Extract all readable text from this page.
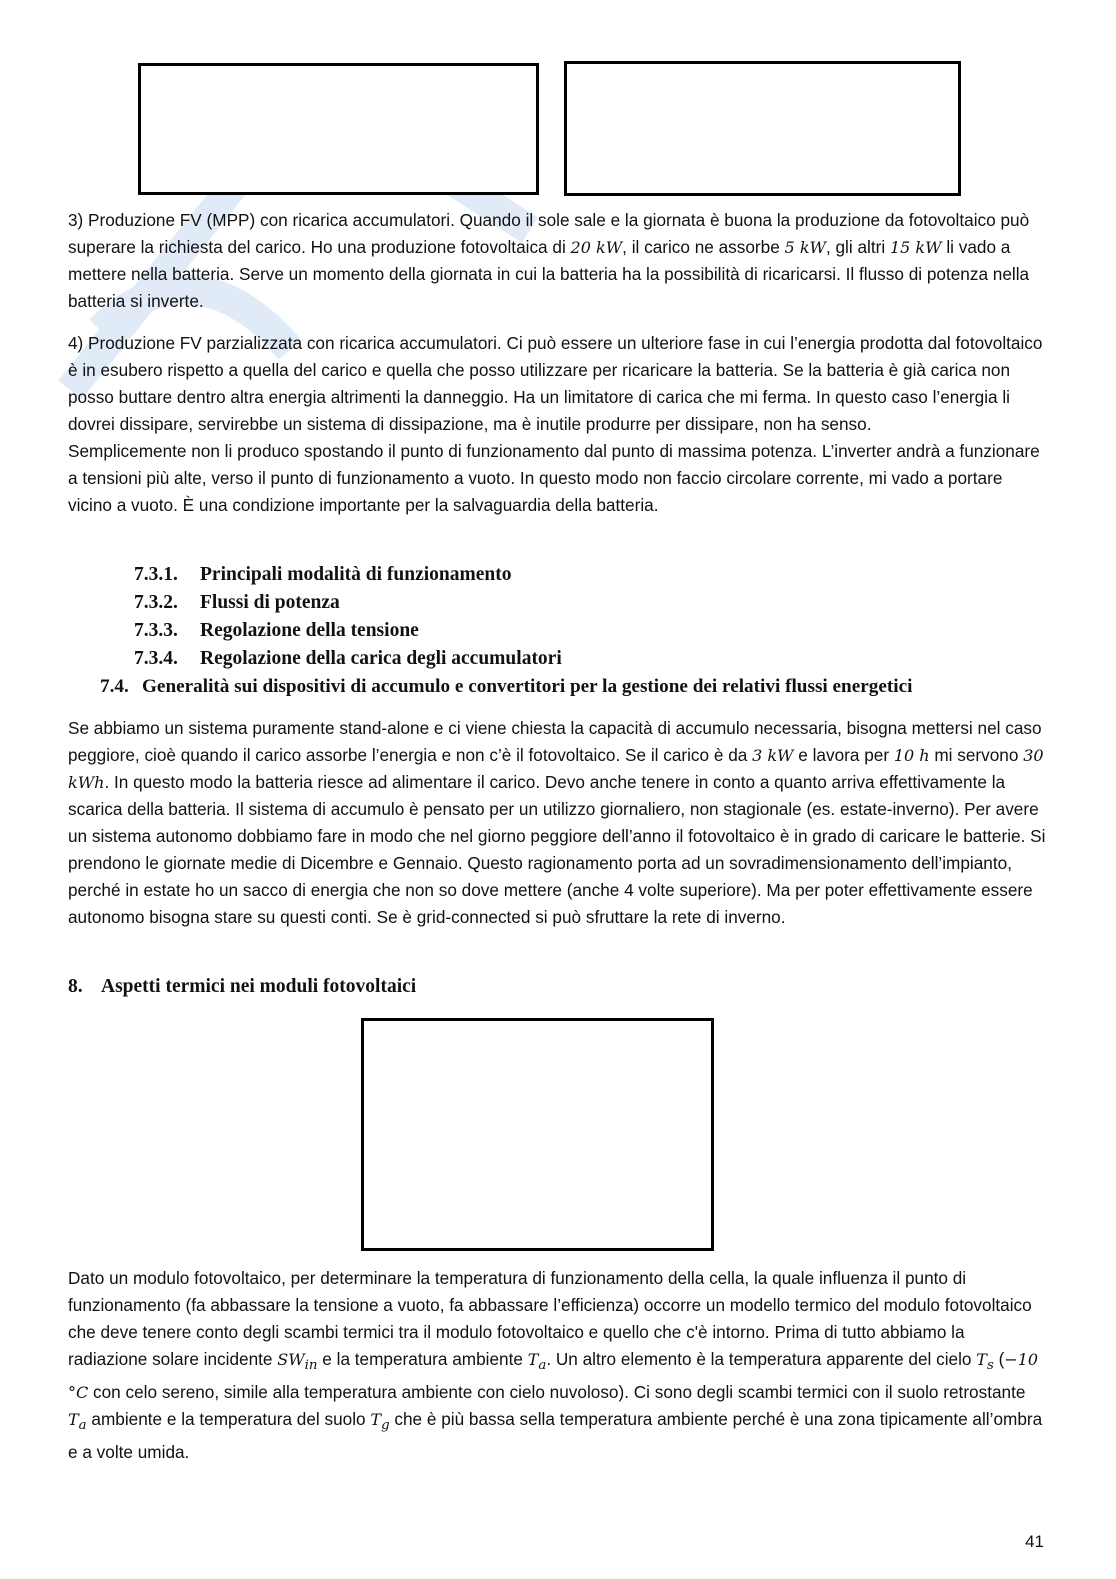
3) Produzione FV (MPP) con ricarica accumulatori. Quando il sole sale e la giornata è buona la produzione da fotovoltaico può superare la richiesta del carico. Ho una produzione fotovoltaica di 20 kW, il carico ne assorbe 5 kW, gli altri 15 kW li vado a mettere nella batteria. Serve un momento della giornata in cui la batteria ha la possibilità di ricaricarsi. Il flusso di potenza nella batteria si inverte.

4) Produzione FV parzializzata con ricarica accumulatori. Ci può essere un ulteriore fase in cui l’energia prodotta dal fotovoltaico è in esubero rispetto a quella del carico e quella che posso utilizzare per ricaricare la batteria. Se la batteria è già carica non posso buttare dentro altra energia altrimenti la danneggio. Ha un limitatore di carica che mi ferma. In questo caso l’energia li dovrei dissipare, servirebbe un sistema di dissipazione, ma è inutile produrre per dissipare, non ha senso.

Semplicemente non li produco spostando il punto di funzionamento dal punto di massima potenza. L’inverter andrà a funzionare a tensioni più alte, verso il punto di funzionamento a vuoto. In questo modo non faccio circolare corrente, mi vado a portare vicino a vuoto. È una condizione importante per la salvaguardia della batteria.

7.3.1. Principali modalità di funzionamento
7.3.2. Flussi di potenza
7.3.3. Regolazione della tensione
7.3.4. Regolazione della carica degli accumulatori
7.4. Generalità sui dispositivi di accumulo e convertitori per la gestione dei relativi flussi energetici
Se abbiamo un sistema puramente stand-alone e ci viene chiesta la capacità di accumulo necessaria, bisogna mettersi nel caso peggiore, cioè quando il carico assorbe l’energia e non c’è il fotovoltaico. Se il carico è da 3 kW e lavora per 10 h mi servono 30 kWh. In questo modo la batteria riesce ad alimentare il carico. Devo anche tenere in conto a quanto arriva effettivamente la scarica della batteria. Il sistema di accumulo è pensato per un utilizzo giornaliero, non stagionale (es. estate-inverno). Per avere un sistema autonomo dobbiamo fare in modo che nel giorno peggiore dell’anno il fotovoltaico è in grado di caricare le batterie. Si prendono le giornate medie di Dicembre e Gennaio. Questo ragionamento porta ad un sovradimensionamento dell’impianto, perché in estate ho un sacco di energia che non so dove mettere (anche 4 volte superiore). Ma per poter effettivamente essere autonomo bisogna stare su questi conti. Se è grid-connected si può sfruttare la rete di inverno.
8. Aspetti termici nei moduli fotovoltaici
Dato un modulo fotovoltaico, per determinare la temperatura di funzionamento della cella, la quale influenza il punto di funzionamento (fa abbassare la tensione a vuoto, fa abbassare l’efficienza) occorre un modello termico del modulo fotovoltaico che deve tenere conto degli scambi termici tra il modulo fotovoltaico e quello che c'è intorno. Prima di tutto abbiamo la radiazione solare incidente $SW_{in}$ e la temperatura ambiente $T_a$. Un altro elemento è la temperatura apparente del cielo $T_s$ (−10 °C con celo sereno, simile alla temperatura ambiente con cielo nuvoloso). Ci sono degli scambi termici con il suolo retrostante $T_a$ ambiente e la temperatura del suolo $T_g$ che è più bassa sella temperatura ambiente perché è una zona tipicamente all’ombra e a volte umida.
41
